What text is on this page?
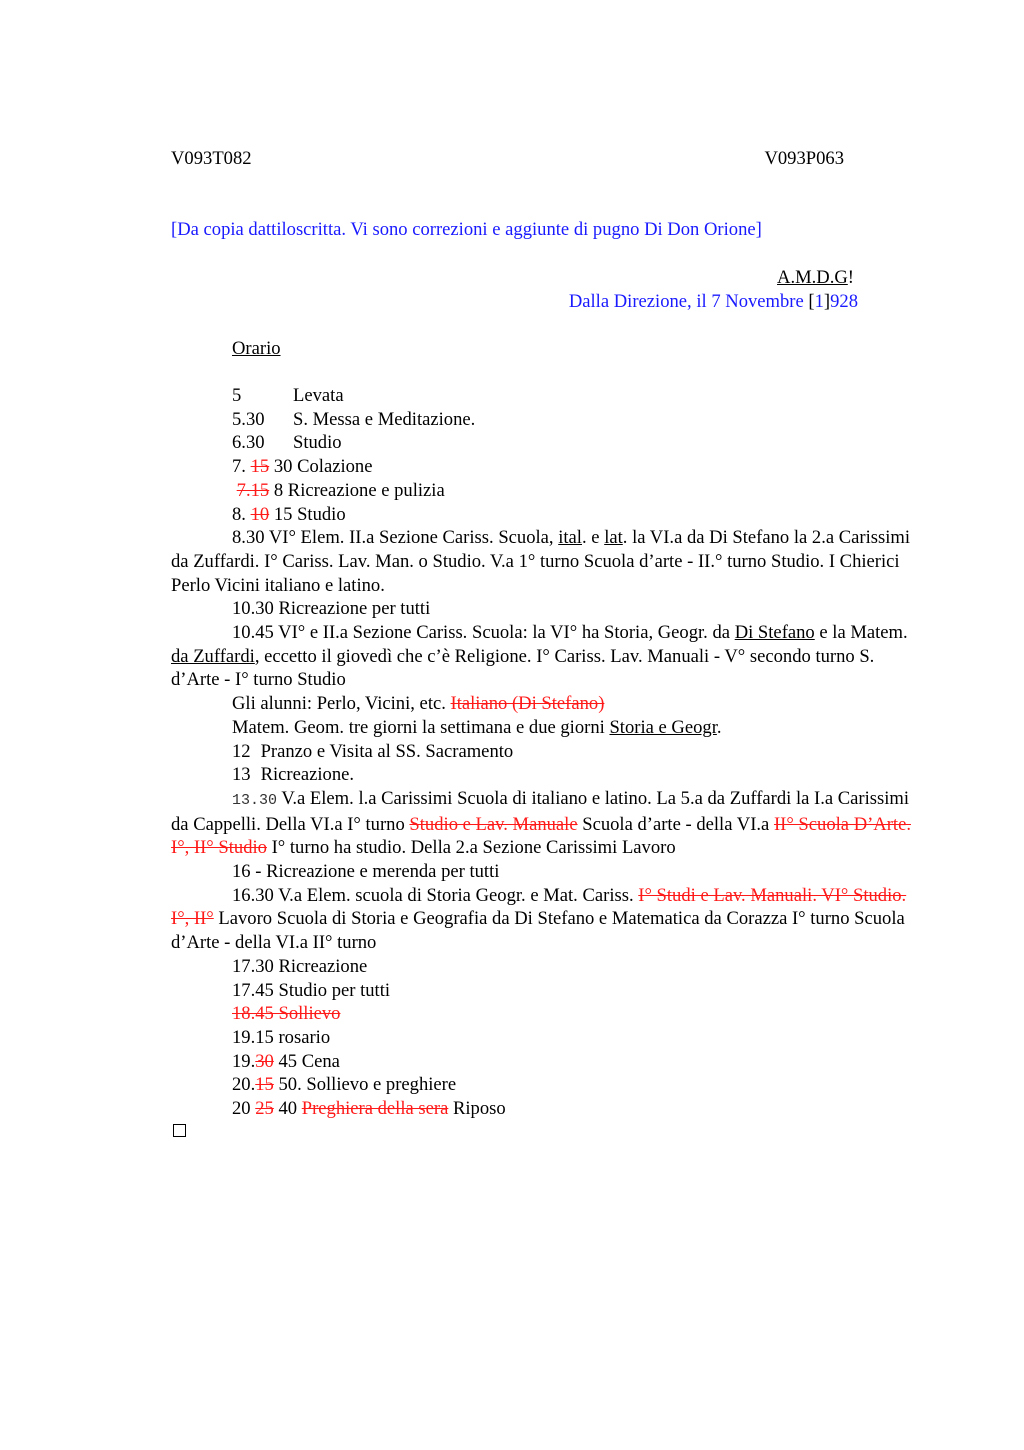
V093T082	V093P063
[Da copia dattiloscritta. Vi sono correzioni e aggiunte di pugno Di Don Orione]
A.M.D.G!
Dalla Direzione, il 7 Novembre [1]928
Orario

5	Levata

5.30 S. Messa e Meditazione.

6.30 Studio

7. 15 30 Colazione

7.15 8 Ricreazione e pulizia

8. 10 15 Studio

8.30 VI° Elem. II.a Sezione Cariss. Scuola, ital. e lat. la VI.a da Di Stefano la 2.a Carissimi da Zuffardi. I° Cariss. Lav. Man. o Studio. V.a 1° turno Scuola d’arte - II.° turno Studio. I Chierici Perlo Vicini italiano e latino.

10.30 Ricreazione per tutti

10.45 VI° e II.a Sezione Cariss. Scuola: la VI° ha Storia, Geogr. da Di Stefano e la Matem. da Zuffardi, eccetto il giovedì che c’è Religione. I° Cariss. Lav. Manuali - V° secondo turno S. d’Arte - I° turno Studio

Gli alunni: Perlo, Vicini, etc. Italiano (Di Stefano)

Matem. Geom. tre giorni la settimana e due giorni Storia e Geogr.

12 Pranzo e Visita al SS. Sacramento

13 Ricreazione.

13.30 V.a Elem. l.a Carissimi Scuola di italiano e latino. La 5.a da Zuffardi la I.a Carissimi da Cappelli. Della VI.a I° turno Studio e Lav. Manuale Scuola d’arte - della VI.a II° Scuola D’Arte. I°, II° Studio I° turno ha studio. Della 2.a Sezione Carissimi Lavoro

16 - Ricreazione e merenda per tutti

16.30 V.a Elem. scuola di Storia Geogr. e Mat. Cariss. I° Studi e Lav. Manuali. VI° Studio. I°, II° Lavoro Scuola di Storia e Geografia da Di Stefano e Matematica da Corazza I° turno Scuola d’Arte - della VI.a II° turno

17.30 Ricreazione

17.45 Studio per tutti

18.45 Sollievo

19.15 rosario

19.30 45 Cena

20.15 50. Sollievo e preghiere

20 25 40 Preghiera della sera Riposo
